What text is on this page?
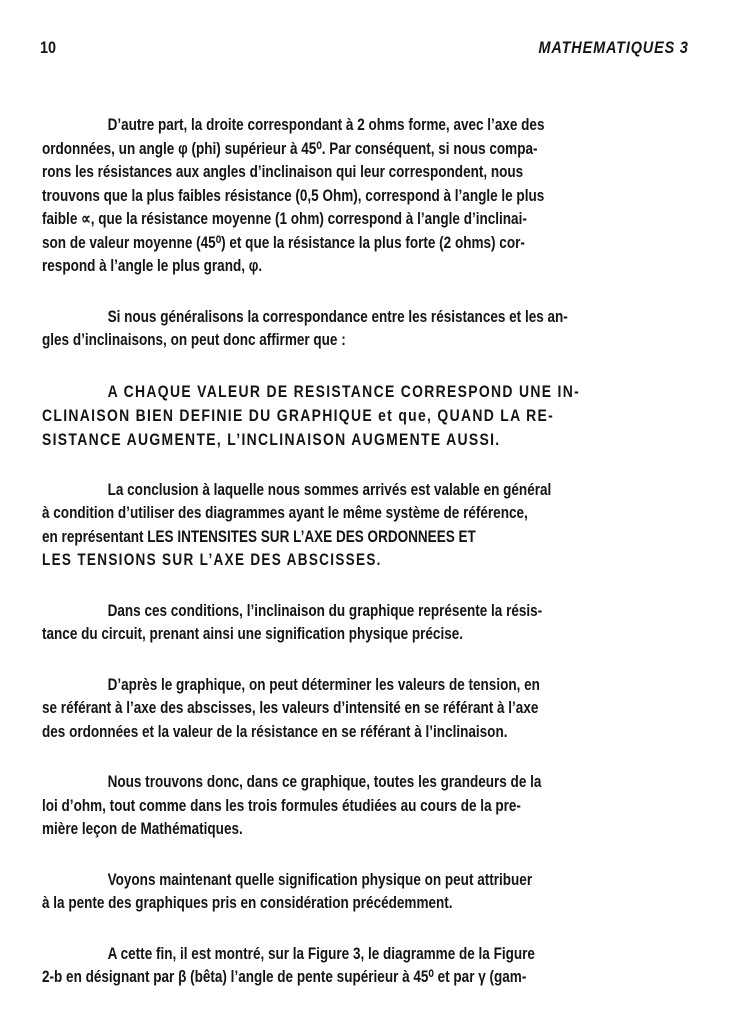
10	MATHEMATIQUES 3
D’autre part, la droite correspondant à 2 ohms forme, avec l’axe des
ordonnées, un angle φ (phi) supérieur à 45⁰. Par conséquent, si nous compa-
rons les résistances aux angles d’inclinaison qui leur correspondent, nous
trouvons que la plus faibles résistance (0,5 Ohm), correspond à l’angle le plus
faible ∝, que la résistance moyenne (1 ohm) correspond à l’angle d’inclinai-
son de valeur moyenne (45⁰) et que la résistance la plus forte (2 ohms) cor-
respond à l’angle le plus grand, φ.
Si nous généralisons la correspondance entre les résistances et les an-
gles d’inclinaisons, on peut donc affirmer que :
A CHAQUE VALEUR DE RESISTANCE CORRESPOND UNE IN-
CLINAISON BIEN DEFINIE DU GRAPHIQUE et que, QUAND LA RE-
SISTANCE AUGMENTE, L’INCLINAISON AUGMENTE AUSSI.
La conclusion à laquelle nous sommes arrivés est valable en général
à condition d’utiliser des diagrammes ayant le même système de référence,
en représentant LES INTENSITES SUR L’AXE DES ORDONNEES ET
LES TENSIONS SUR L’AXE DES ABSCISSES.
Dans ces conditions, l’inclinaison du graphique représente la résis-
tance du circuit, prenant ainsi une signification physique précise.
D’après le graphique, on peut déterminer les valeurs de tension, en
se référant à l’axe des abscisses, les valeurs d’intensité en se référant à l’axe
des ordonnées et la valeur de la résistance en se référant à l’inclinaison.
Nous trouvons donc, dans ce graphique, toutes les grandeurs de la
loi d’ohm, tout comme dans les trois formules étudiées au cours de la pre-
mière leçon de Mathématiques.
Voyons maintenant quelle signification physique on peut attribuer
à la pente des graphiques pris en considération précédemment.
A cette fin, il est montré, sur la Figure 3, le diagramme de la Figure
2-b en désignant par β (bêta) l’angle de pente supérieur à 45⁰ et par γ (gam-
